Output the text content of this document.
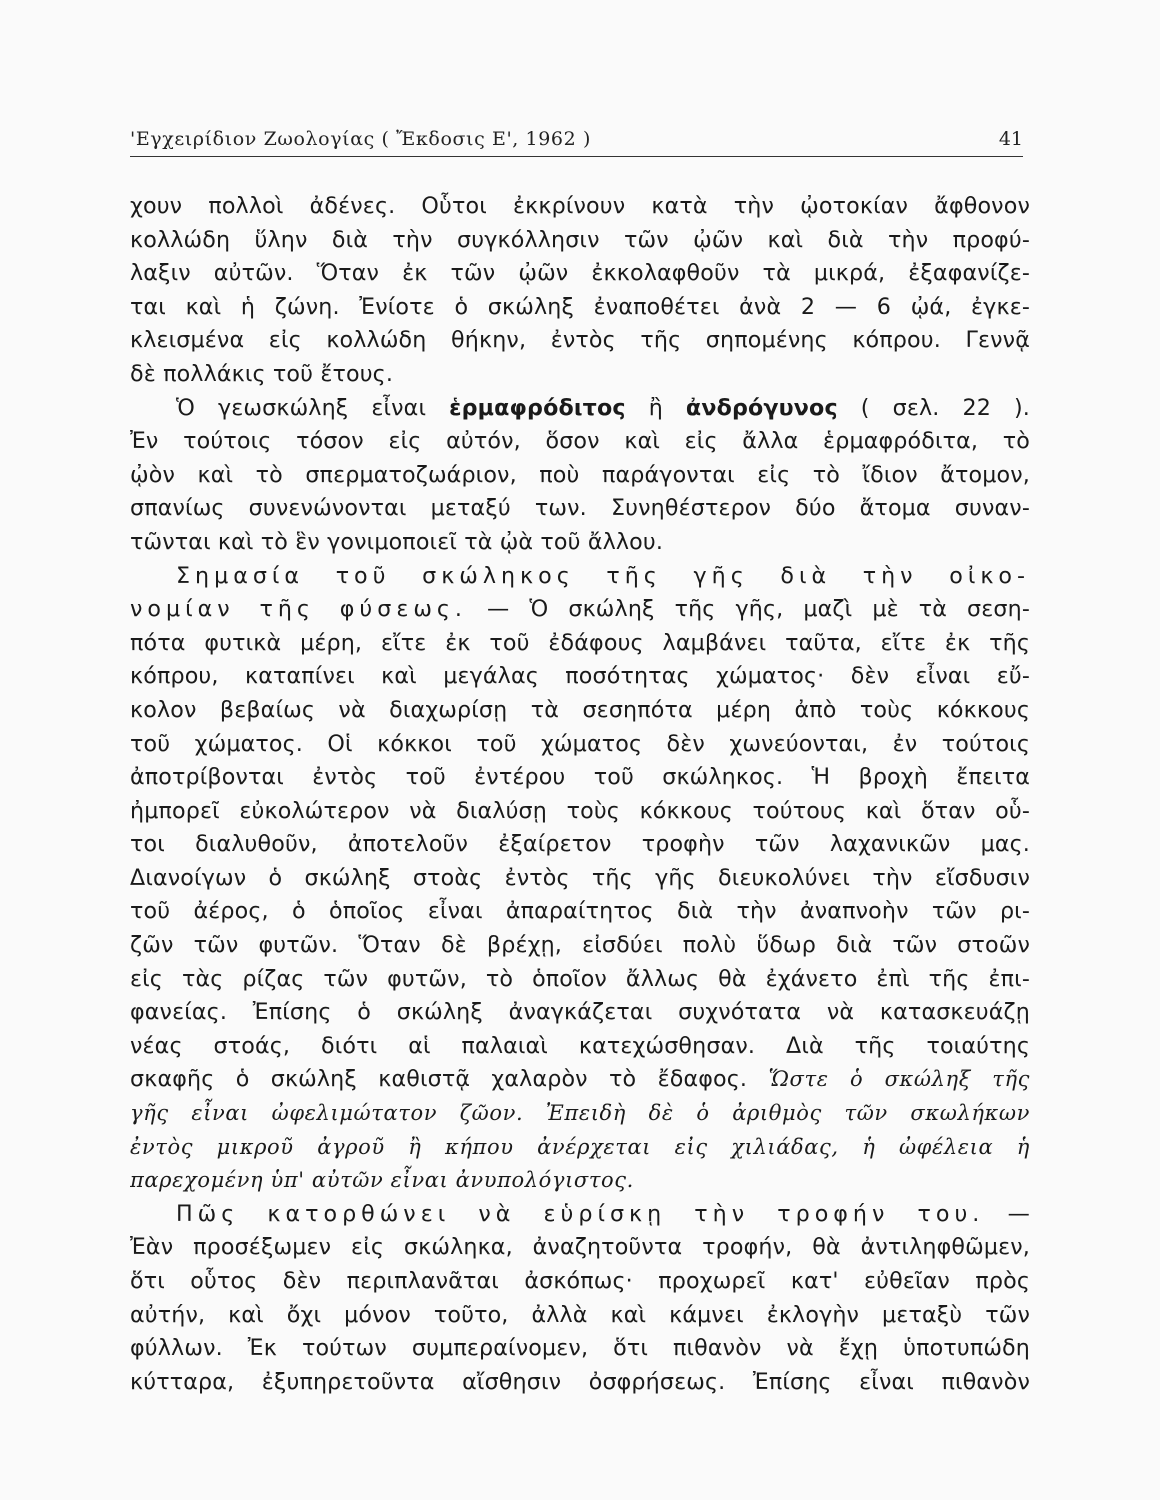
'Εγχειρίδιον Ζωολογίας ( Ἔκδοσις Ε', 1962 )	41
χουν πολλοὶ ἀδένες. Οὗτοι ἐκκρίνουν κατὰ τὴν ᾠοτοκίαν ἄφθονον
κολλώδη ὕλην διὰ τὴν συγκόλλησιν τῶν ᾠῶν καὶ διὰ τὴν προφύ-
λαξιν αὐτῶν. Ὅταν ἐκ τῶν ᾠῶν ἐκκολαφθοῦν τὰ μικρά, ἐξαφανίζε-
ται καὶ ἡ ζώνη. Ἐνίοτε ὁ σκώληξ ἐναποθέτει ἀνὰ 2 — 6 ᾠά, ἐγκε-
κλεισμένα εἰς κολλώδη θήκην, ἐντὸς τῆς σηπομένης κόπρου. Γεννᾷ
δὲ πολλάκις τοῦ ἔτους.
Ὁ γεωσκώληξ εἶναι ἑρμαφρόδιτος ἢ ἀνδρόγυνος ( σελ. 22 ).
Ἐν τούτοις τόσον εἰς αὐτόν, ὅσον καὶ εἰς ἄλλα ἑρμαφρόδιτα, τὸ
ᾠὸν καὶ τὸ σπερματοζωάριον, ποὺ παράγονται εἰς τὸ ἴδιον ἄτομον,
σπανίως συνενώνονται μεταξύ των. Συνηθέστερον δύο ἄτομα συναν-
τῶνται καὶ τὸ ἓν γονιμοποιεῖ τὰ ᾠὰ τοῦ ἄλλου.
Σημασία τοῦ σκώληκος τῆς γῆς διὰ τὴν οἰκο-
νομίαν τῆς φύσεως. — Ὁ σκώληξ τῆς γῆς, μαζὶ μὲ τὰ σεση-
πότα φυτικὰ μέρη, εἴτε ἐκ τοῦ ἐδάφους λαμβάνει ταῦτα, εἴτε ἐκ τῆς
κόπρου, καταπίνει καὶ μεγάλας ποσότητας χώματος· δὲν εἶναι εὔ-
κολον βεβαίως νὰ διαχωρίσῃ τὰ σεσηπότα μέρη ἀπὸ τοὺς κόκκους
τοῦ χώματος. Οἱ κόκκοι τοῦ χώματος δὲν χωνεύονται, ἐν τούτοις
ἀποτρίβονται ἐντὸς τοῦ ἐντέρου τοῦ σκώληκος. Ἡ βροχὴ ἔπειτα
ἠμπορεῖ εὐκολώτερον νὰ διαλύσῃ τοὺς κόκκους τούτους καὶ ὅταν οὗ-
τοι διαλυθοῦν, ἀποτελοῦν ἐξαίρετον τροφὴν τῶν λαχανικῶν μας.
Διανοίγων ὁ σκώληξ στοὰς ἐντὸς τῆς γῆς διευκολύνει τὴν εἴσδυσιν
τοῦ ἀέρος, ὁ ὁποῖος εἶναι ἀπαραίτητος διὰ τὴν ἀναπνοὴν τῶν ρι-
ζῶν τῶν φυτῶν. Ὅταν δὲ βρέχῃ, εἰσδύει πολὺ ὕδωρ διὰ τῶν στοῶν
εἰς τὰς ρίζας τῶν φυτῶν, τὸ ὁποῖον ἄλλως θὰ ἐχάνετο ἐπὶ τῆς ἐπι-
φανείας. Ἐπίσης ὁ σκώληξ ἀναγκάζεται συχνότατα νὰ κατασκευάζῃ
νέας στοάς, διότι αἱ παλαιαὶ κατεχώσθησαν. Διὰ τῆς τοιαύτης
σκαφῆς ὁ σκώληξ καθιστᾷ χαλαρὸν τὸ ἔδαφος. Ὥστε ὁ σκώληξ τῆς
γῆς εἶναι ὠφελιμώτατον ζῶον. Ἐπειδὴ δὲ ὁ ἀριθμὸς τῶν σκωλήκων
ἐντὸς μικροῦ ἀγροῦ ἢ κήπου ἀνέρχεται εἰς χιλιάδας, ἡ ὠφέλεια ἡ
παρεχομένη ὑπ' αὐτῶν εἶναι ἀνυπολόγιστος.
Πῶς κατορθώνει νὰ εὑρίσκῃ τὴν τροφήν του. —
Ἐὰν προσέξωμεν εἰς σκώληκα, ἀναζητοῦντα τροφήν, θὰ ἀντιληφθῶμεν,
ὅτι οὗτος δὲν περιπλανᾶται ἀσκόπως· προχωρεῖ κατ' εὐθεῖαν πρὸς
αὐτήν, καὶ ὄχι μόνον τοῦτο, ἀλλὰ καὶ κάμνει ἐκλογὴν μεταξὺ τῶν
φύλλων. Ἐκ τούτων συμπεραίνομεν, ὅτι πιθανὸν νὰ ἔχῃ ὑποτυπώδη
κύτταρα, ἐξυπηρετοῦντα αἴσθησιν ὀσφρήσεως. Ἐπίσης εἶναι πιθανὸν
